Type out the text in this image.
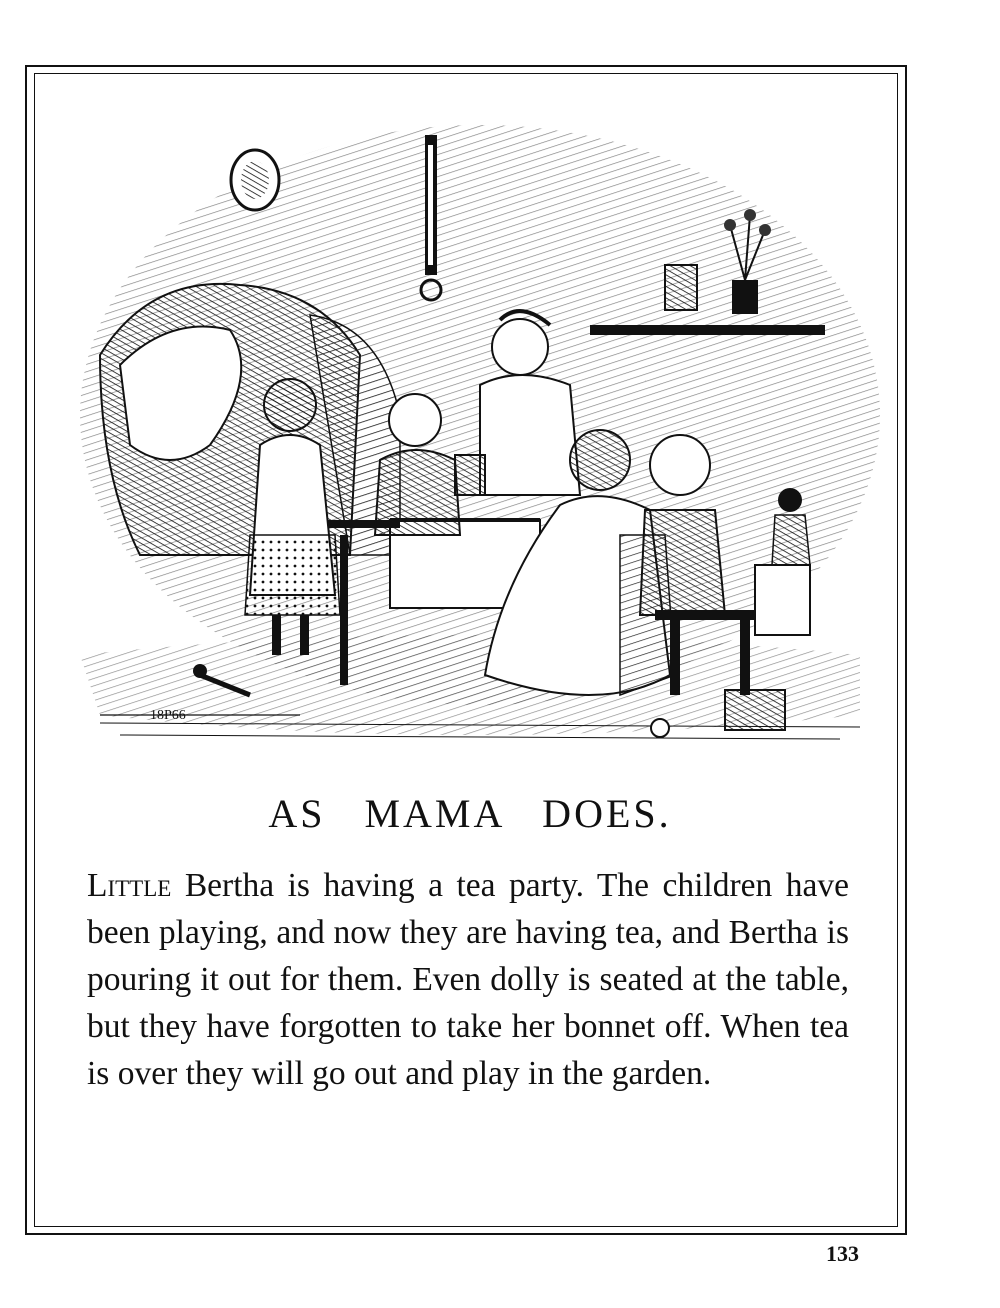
18P66
AS MAMA DOES.

Little Bertha is having a tea party. The children have been playing, and now they are having tea, and Bertha is pouring it out for them. Even dolly is seated at the table, but they have forgotten to take her bonnet off. When tea is over they will go out and play in the garden.

133
